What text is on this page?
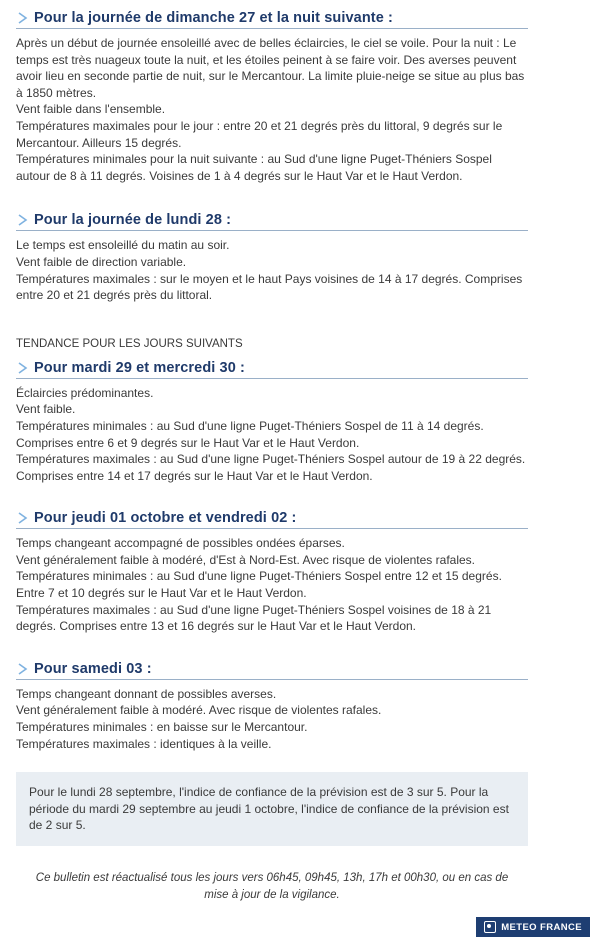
Pour la journée de dimanche 27 et la nuit suivante :

Après un début de journée ensoleillé avec de belles éclaircies, le ciel se voile. Pour la nuit : Le temps est très nuageux toute la nuit, et les étoiles peinent à se faire voir. Des averses peuvent avoir lieu en seconde partie de nuit, sur le Mercantour. La limite pluie-neige se situe au plus bas à 1850 mètres.

Vent faible dans l'ensemble.

Températures maximales pour le jour : entre 20 et 21 degrés près du littoral, 9 degrés sur le Mercantour. Ailleurs 15 degrés.

Températures minimales pour la nuit suivante : au Sud d'une ligne Puget-Théniers Sospel autour de 8 à 11 degrés. Voisines de 1 à 4 degrés sur le Haut Var et le Haut Verdon.

Pour la journée de lundi 28 :

Le temps est ensoleillé du matin au soir.

Vent faible de direction variable.

Températures maximales : sur le moyen et le haut Pays voisines de 14 à 17 degrés. Comprises entre 20 et 21 degrés près du littoral.

TENDANCE POUR LES JOURS SUIVANTS
Pour mardi 29 et mercredi 30 :

Éclaircies prédominantes.

Vent faible.

Températures minimales : au Sud d'une ligne Puget-Théniers Sospel de 11 à 14 degrés. Comprises entre 6 et 9 degrés sur le Haut Var et le Haut Verdon.

Températures maximales : au Sud d'une ligne Puget-Théniers Sospel autour de 19 à 22 degrés. Comprises entre 14 et 17 degrés sur le Haut Var et le Haut Verdon.

Pour jeudi 01 octobre et vendredi 02 :

Temps changeant accompagné de possibles ondées éparses.

Vent généralement faible à modéré, d'Est à Nord-Est. Avec risque de violentes rafales.

Températures minimales : au Sud d'une ligne Puget-Théniers Sospel entre 12 et 15 degrés. Entre 7 et 10 degrés sur le Haut Var et le Haut Verdon.

Températures maximales : au Sud d'une ligne Puget-Théniers Sospel voisines de 18 à 21 degrés. Comprises entre 13 et 16 degrés sur le Haut Var et le Haut Verdon.

Pour samedi 03 :

Temps changeant donnant de possibles averses.

Vent généralement faible à modéré. Avec risque de violentes rafales.

Températures minimales : en baisse sur le Mercantour.

Températures maximales : identiques à la veille.

Pour le lundi 28 septembre, l'indice de confiance de la prévision est de 3 sur 5. Pour la période du mardi 29 septembre au jeudi 1 octobre, l'indice de confiance de la prévision est de 2 sur 5.
Ce bulletin est réactualisé tous les jours vers 06h45, 09h45, 13h, 17h et 00h30, ou en cas de mise à jour de la vigilance.
METEO FRANCE
